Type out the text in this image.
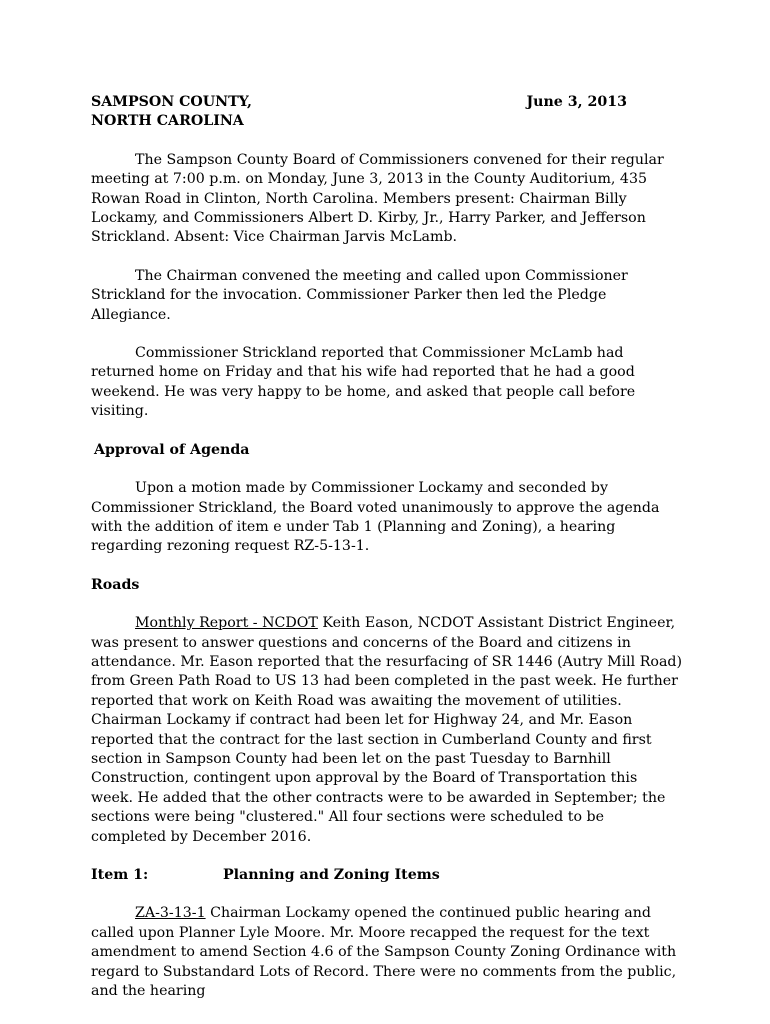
SAMPSON COUNTY,
NORTH CAROLINA
June 3, 2013

The Sampson County Board of Commissioners convened for their regular meeting at 7:00 p.m. on Monday, June 3, 2013 in the County Auditorium, 435 Rowan Road in Clinton, North Carolina. Members present: Chairman Billy Lockamy, and Commissioners Albert D. Kirby, Jr., Harry Parker, and Jefferson Strickland. Absent: Vice Chairman Jarvis McLamb.

The Chairman convened the meeting and called upon Commissioner Strickland for the invocation. Commissioner Parker then led the Pledge Allegiance.

Commissioner Strickland reported that Commissioner McLamb had returned home on Friday and that his wife had reported that he had a good weekend. He was very happy to be home, and asked that people call before visiting.

Approval of Agenda

Upon a motion made by Commissioner Lockamy and seconded by Commissioner Strickland, the Board voted unanimously to approve the agenda with the addition of item e under Tab 1 (Planning and Zoning), a hearing regarding rezoning request RZ-5-13-1.

Roads

Monthly Report - NCDOT Keith Eason, NCDOT Assistant District Engineer, was present to answer questions and concerns of the Board and citizens in attendance. Mr. Eason reported that the resurfacing of SR 1446 (Autry Mill Road) from Green Path Road to US 13 had been completed in the past week. He further reported that work on Keith Road was awaiting the movement of utilities. Chairman Lockamy if contract had been let for Highway 24, and Mr. Eason reported that the contract for the last section in Cumberland County and first section in Sampson County had been let on the past Tuesday to Barnhill Construction, contingent upon approval by the Board of Transportation this week. He added that the other contracts were to be awarded in September; the sections were being "clustered." All four sections were scheduled to be completed by December 2016.

Item 1:	Planning and Zoning Items

ZA-3-13-1 Chairman Lockamy opened the continued public hearing and called upon Planner Lyle Moore. Mr. Moore recapped the request for the text amendment to amend Section 4.6 of the Sampson County Zoning Ordinance with regard to Substandard Lots of Record. There were no comments from the public, and the hearing
